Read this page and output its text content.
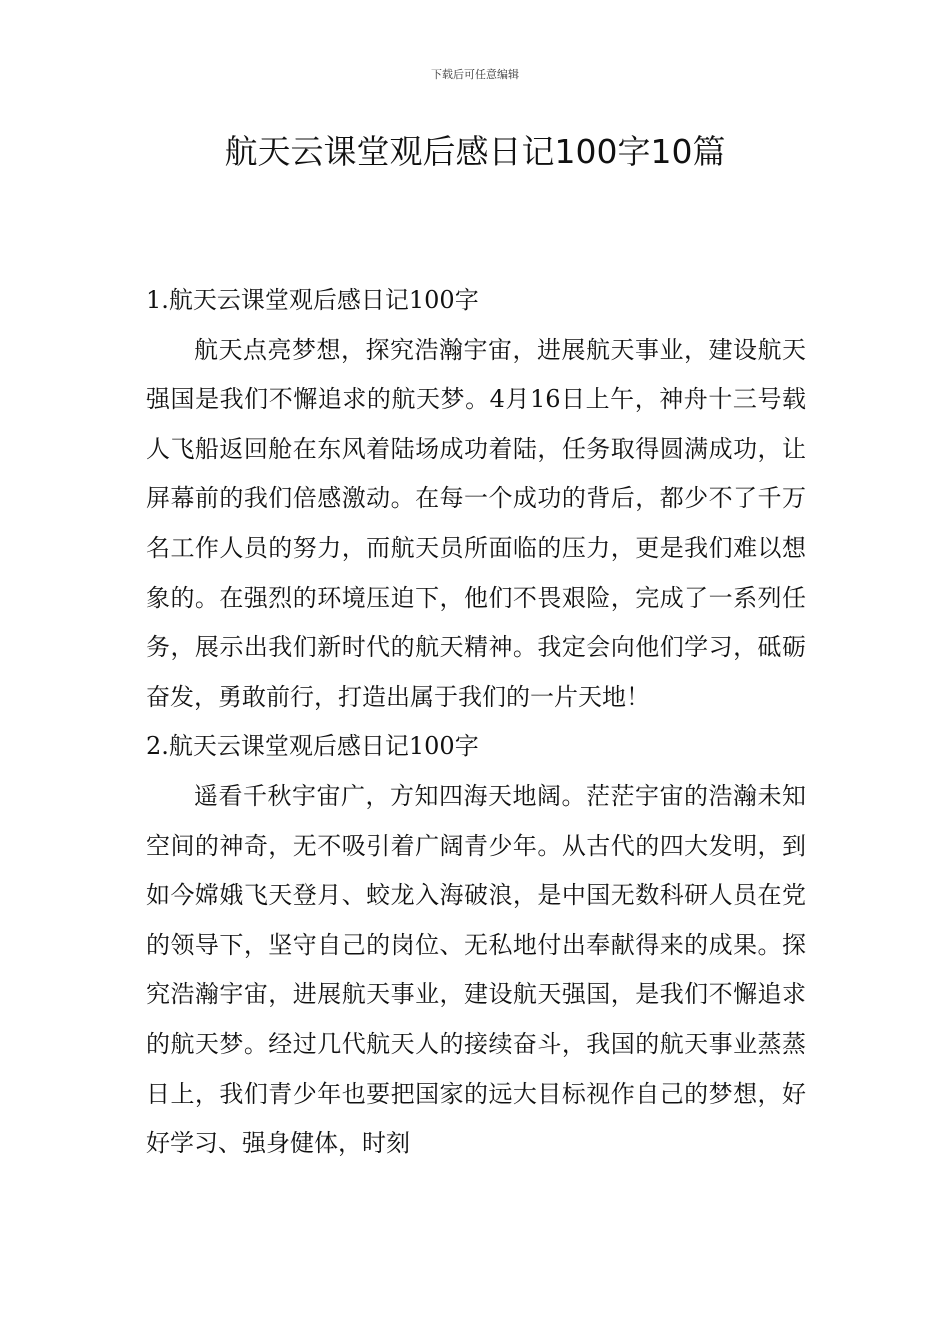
下载后可任意编辑
航天云课堂观后感日记100字10篇

1.航天云课堂观后感日记100字

航天点亮梦想，探究浩瀚宇宙，进展航天事业，建设航天强国是我们不懈追求的航天梦。4月16日上午，神舟十三号载人飞船返回舱在东风着陆场成功着陆，任务取得圆满成功，让屏幕前的我们倍感激动。在每一个成功的背后，都少不了千万名工作人员的努力，而航天员所面临的压力，更是我们难以想象的。在强烈的环境压迫下，他们不畏艰险，完成了一系列任务，展示出我们新时代的航天精神。我定会向他们学习，砥砺奋发，勇敢前行，打造出属于我们的一片天地！

2.航天云课堂观后感日记100字

遥看千秋宇宙广，方知四海天地阔。茫茫宇宙的浩瀚未知空间的神奇，无不吸引着广阔青少年。从古代的四大发明，到如今嫦娥飞天登月、蛟龙入海破浪，是中国无数科研人员在党的领导下，坚守自己的岗位、无私地付出奉献得来的成果。探究浩瀚宇宙，进展航天事业，建设航天强国，是我们不懈追求的航天梦。经过几代航天人的接续奋斗，我国的航天事业蒸蒸日上，我们青少年也要把国家的远大目标视作自己的梦想，好好学习、强身健体，时刻
